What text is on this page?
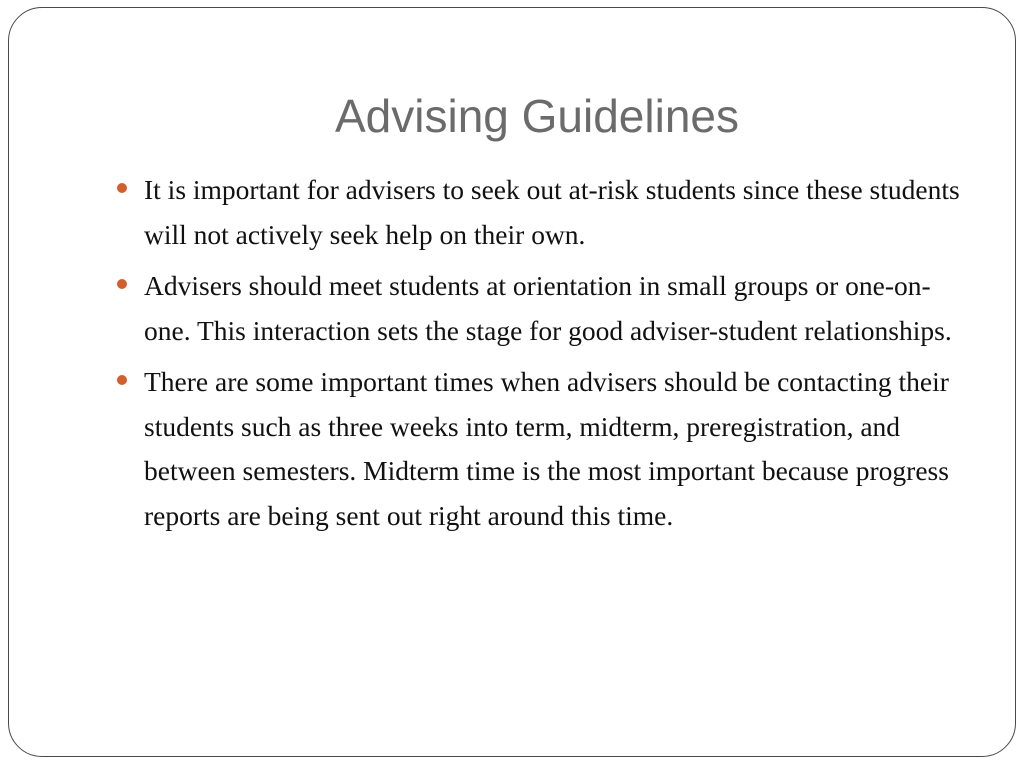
Advising Guidelines
It is important for advisers to seek out at-risk students since these students will not actively seek help on their own.
Advisers should meet students at orientation in small groups or one-on-one. This interaction sets the stage for good adviser-student relationships.
There are some important times when advisers should be contacting their students such as three weeks into term, midterm, preregistration, and between semesters. Midterm time is the most important because progress reports are being sent out right around this time.
